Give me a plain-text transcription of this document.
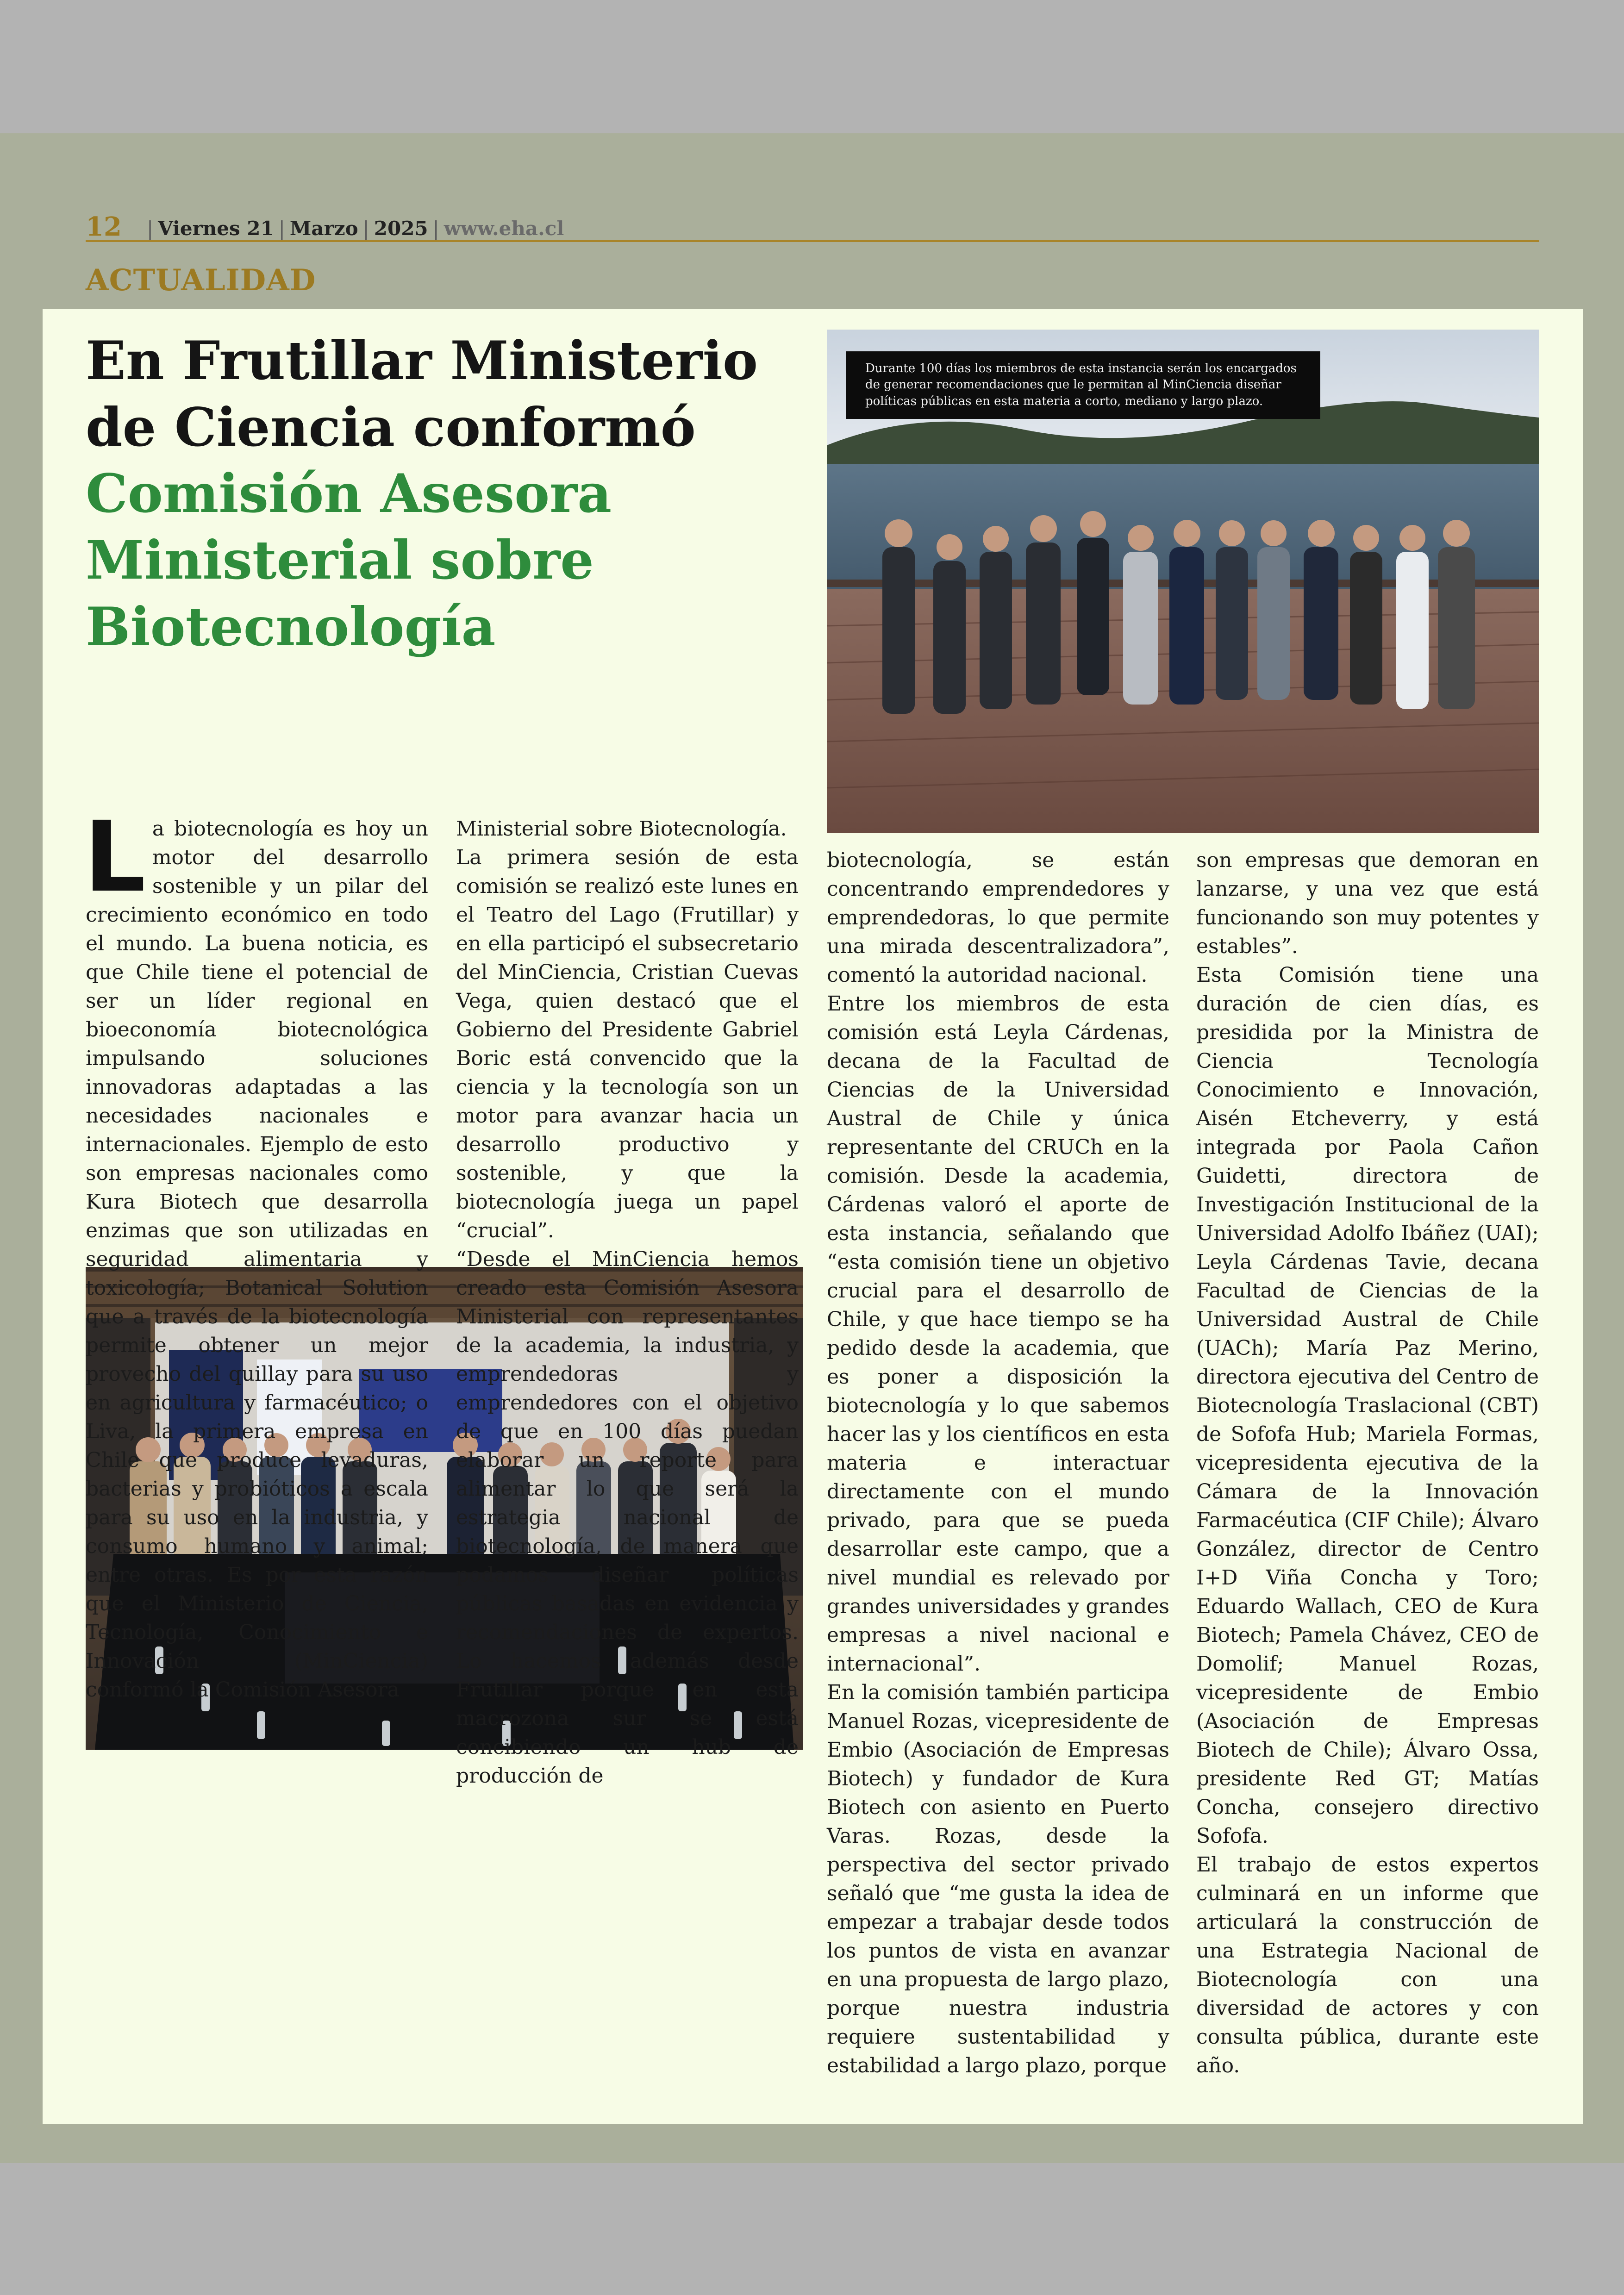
12 | Viernes 21 | Marzo | 2025 | www.eha.cl
ACTUALIDAD
En Frutillar Ministerio de Ciencia conformó
Comisión Asesora Ministerial sobre Biotecnología
Durante 100 días los miembros de esta instancia serán los encargados de generar recomendaciones que le permitan al MinCiencia diseñar políticas públicas en esta materia a corto, mediano y largo plazo.

La biotecnología es hoy un motor del desarrollo sostenible y un pilar del crecimiento económico en todo el mundo. La buena noticia, es que Chile tiene el potencial de ser un líder regional en bioeconomía biotecnológica impulsando soluciones innovadoras adaptadas a las necesidades nacionales e internacionales. Ejemplo de esto son empresas nacionales como Kura Biotech que desarrolla enzimas que son utilizadas en seguridad alimentaria y toxicología; Botanical Solution que a través de la biotecnología permite obtener un mejor provecho del quillay para su uso en agricultura y farmacéutico; o Liva, la primera empresa en Chile que produce levaduras, bacterias y probióticos a escala para su uso en la industria, y consumo humano y animal; entre otras. Es por esta razón que el Ministerio de Ciencia, Tecnología, Conocimiento e Innovación (MinCiencia) conformó la Comisión Asesora

Ministerial sobre Biotecnología.

La primera sesión de esta comisión se realizó este lunes en el Teatro del Lago (Frutillar) y en ella participó el subsecretario del MinCiencia, Cristian Cuevas Vega, quien destacó que el Gobierno del Presidente Gabriel Boric está convencido que la ciencia y la tecnología son un motor para avanzar hacia un desarrollo productivo y sostenible, y que la biotecnología juega un papel “crucial”.

“Desde el MinCiencia hemos creado esta Comisión Asesora Ministerial con representantes de la academia, la industria, y emprendedoras y emprendedores con el objetivo de que en 100 días puedan elaborar un reporte para alimentar lo que será la estrategia nacional de biotecnología, de manera que podamos diseñar políticas públicas basadas en evidencia y recomendaciones de expertos. Lo hacemos además desde Frutillar porque en esta macrozona sur se está concibiendo un hub de producción de

biotecnología, se están concentrando emprendedores y emprendedoras, lo que permite una mirada descentralizadora”, comentó la autoridad nacional.

Entre los miembros de esta comisión está Leyla Cárdenas, decana de la Facultad de Ciencias de la Universidad Austral de Chile y única representante del CRUCh en la comisión. Desde la academia, Cárdenas valoró el aporte de esta instancia, señalando que “esta comisión tiene un objetivo crucial para el desarrollo de Chile, y que hace tiempo se ha pedido desde la academia, que es poner a disposición la biotecnología y lo que sabemos hacer las y los científicos en esta materia e interactuar directamente con el mundo privado, para que se pueda desarrollar este campo, que a nivel mundial es relevado por grandes universidades y grandes empresas a nivel nacional e internacional”.

En la comisión también participa Manuel Rozas, vicepresidente de Embio (Asociación de Empresas Biotech) y fundador de Kura Biotech con asiento en Puerto Varas. Rozas, desde la perspectiva del sector privado señaló que “me gusta la idea de empezar a trabajar desde todos los puntos de vista en avanzar en una propuesta de largo plazo, porque nuestra industria requiere sustentabilidad y estabilidad a largo plazo, porque

son empresas que demoran en lanzarse, y una vez que está funcionando son muy potentes y estables”.

Esta Comisión tiene una duración de cien días, es presidida por la Ministra de Ciencia Tecnología Conocimiento e Innovación, Aisén Etcheverry, y está integrada por Paola Cañon Guidetti, directora de Investigación Institucional de la Universidad Adolfo Ibáñez (UAI); Leyla Cárdenas Tavie, decana Facultad de Ciencias de la Universidad Austral de Chile (UACh); María Paz Merino, directora ejecutiva del Centro de Biotecnología Traslacional (CBT) de Sofofa Hub; Mariela Formas, vicepresidenta ejecutiva de la Cámara de la Innovación Farmacéutica (CIF Chile); Álvaro González, director de Centro I+D Viña Concha y Toro; Eduardo Wallach, CEO de Kura Biotech; Pamela Chávez, CEO de Domolif; Manuel Rozas, vicepresidente de Embio (Asociación de Empresas Biotech de Chile); Álvaro Ossa, presidente Red GT; Matías Concha, consejero directivo Sofofa.

El trabajo de estos expertos culminará en un informe que articulará la construcción de una Estrategia Nacional de Biotecnología con una diversidad de actores y con consulta pública, durante este año.
